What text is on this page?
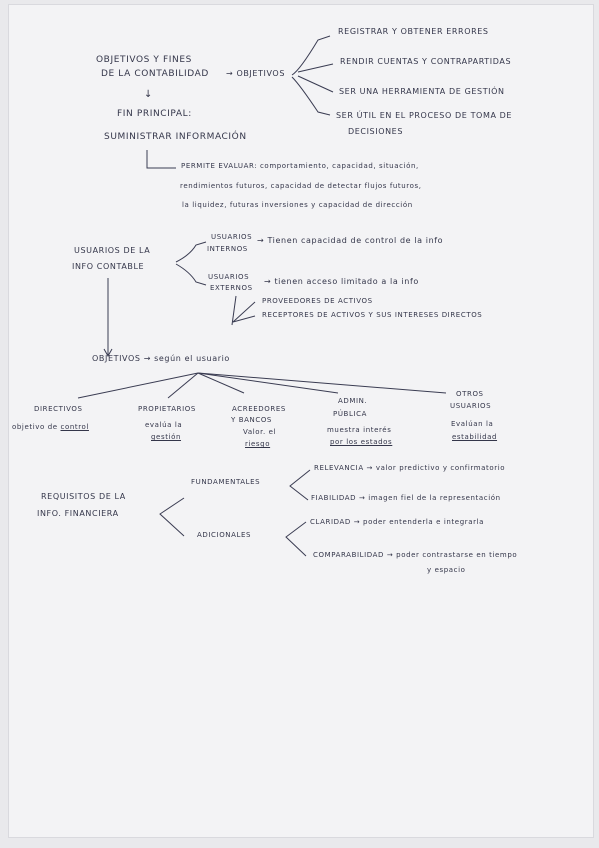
OBJETIVOS Y FINES
DE LA CONTABILIDAD → OBJETIVOS
REGISTRAR Y OBTENER ERRORES
RENDIR CUENTAS Y CONTRAPARTIDAS
SER UNA HERRAMIENTA DE GESTIÓN
SER ÚTIL EN EL PROCESO DE TOMA DE
DECISIONES
↓
FIN PRINCIPAL:
SUMINISTRAR INFORMACIÓN
PERMITE EVALUAR: comportamiento, capacidad, situación,
rendimientos futuros, capacidad de detectar flujos futuros,
la liquidez, futuras inversiones y capacidad de dirección
USUARIOS DE LA
INFO CONTABLE
USUARIOS
INTERNOS
→ Tienen capacidad de control de la info
USUARIOS
EXTERNOS
→ tienen acceso limitado a la info
PROVEEDORES DE ACTIVOS
RECEPTORES DE ACTIVOS Y SUS INTERESES DIRECTOS
OBJETIVOS → según el usuario
DIRECTIVOS
objetivo de control
PROPIETARIOS
evalúa la
gestión
ACREEDORES
Y BANCOS
Valor. el
riesgo
ADMIN.
PÚBLICA
muestra interés
por los estados
OTROS
USUARIOS
Evalúan la
estabilidad
REQUISITOS DE LA
INFO. FINANCIERA
FUNDAMENTALES
RELEVANCIA → valor predictivo y confirmatorio
FIABILIDAD → imagen fiel de la representación
ADICIONALES
CLARIDAD → poder entenderla e integrarla
COMPARABILIDAD → poder contrastarse en tiempo
y espacio
